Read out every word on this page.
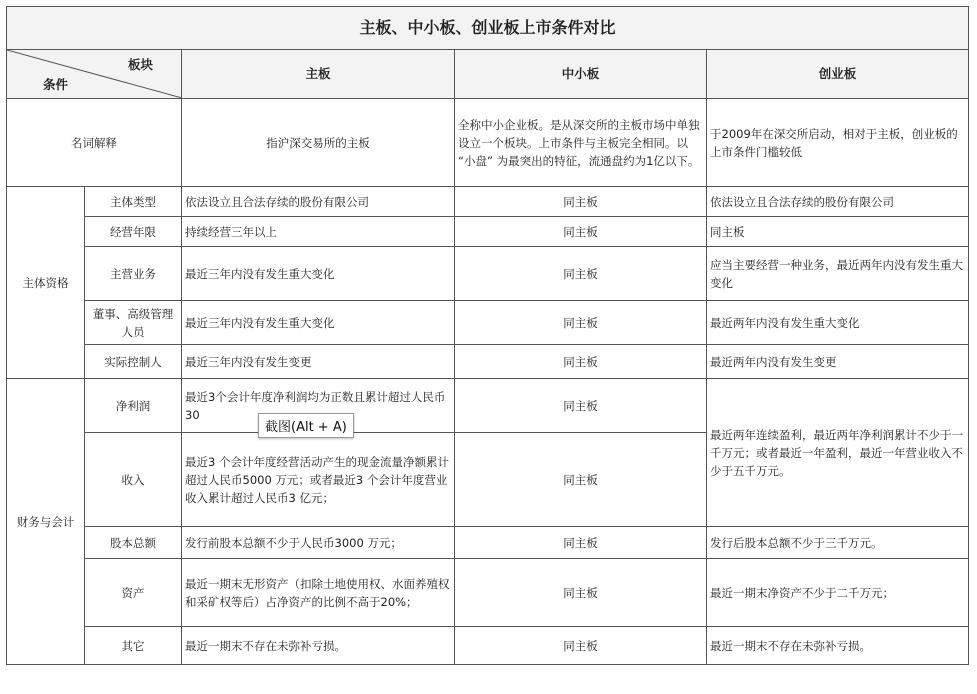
主板、中小板、创业板上市条件对比				

板块
条件		主板	中小板	创业板
名词解释		指沪深交易所的主板	全称中小企业板。是从深交所的主板市场中单独设立一个板块。上市条件与主板完全相同。以 “小盘” 为最突出的特征，流通盘约为1亿以下。	于2009年在深交所启动，相对于主板，创业板的上市条件门槛较低
主体资格	主体类型	依法设立且合法存续的股份有限公司	同主板	依法设立且合法存续的股份有限公司
	经营年限	持续经营三年以上	同主板	同主板
	主营业务	最近三年内没有发生重大变化	同主板	应当主要经营一种业务，最近两年内没有发生重大变化
	董事、高级管理人员	最近三年内没有发生重大变化	同主板	最近两年内没有发生重大变化
	实际控制人	最近三年内没有发生变更	同主板	最近两年内没有发生变更
财务与会计	净利润	最近3个会计年度净利润均为正数且累计超过人民币30	同主板	最近两年连续盈利，最近两年净利润累计不少于一千万元；或者最近一年盈利，最近一年营业收入不少于五千万元。
	收入	最近3 个会计年度经营活动产生的现金流量净额累计超过人民币5000 万元；或者最近3 个会计年度营业收入累计超过人民币3 亿元；	同主板	
	股本总额	发行前股本总额不少于人民币3000 万元；	同主板	发行后股本总额不少于三千万元。
	资产	最近一期末无形资产（扣除土地使用权、水面养殖权和采矿权等后）占净资产的比例不高于20%；	同主板	最近一期末净资产不少于二千万元；
	其它	最近一期末不存在未弥补亏损。	同主板	最近一期末不存在未弥补亏损。
截图(Alt + A)
